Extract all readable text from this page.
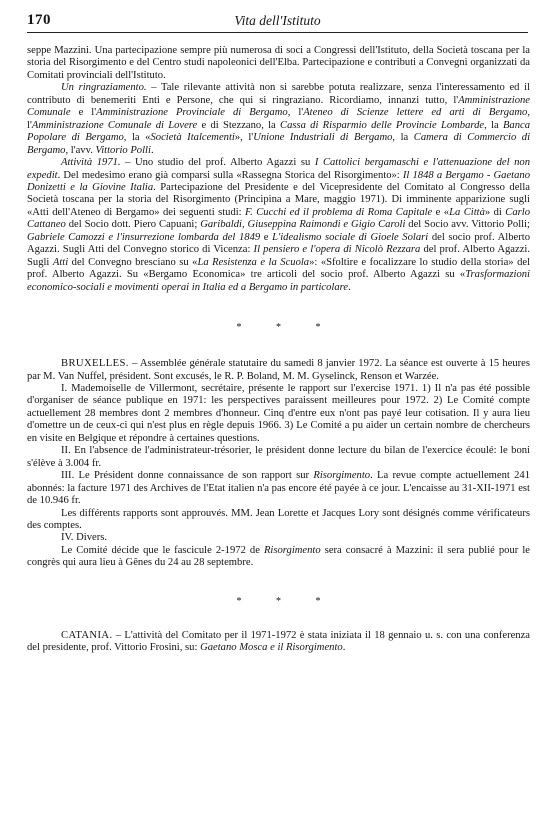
170	Vita dell'Istituto

seppe Mazzini. Una partecipazione sempre più numerosa di soci a Congressi dell'Istituto, della Società toscana per la storia del Risorgimento e del Centro studi napoleonici dell'Elba. Partecipazione e contributi a Convegni organizzati da Comitati provinciali dell'Istituto.

Un ringraziamento. – Tale rilevante attività non si sarebbe potuta realizzare, senza l'interessamento ed il contributo di benemeriti Enti e Persone, che qui si ringraziano. Ricordiamo, innanzi tutto, l'Amministrazione Comunale e l'Amministrazione Provinciale di Bergamo, l'Ateneo di Scienze lettere ed arti di Bergamo, l'Amministrazione Comunale di Lovere e di Stezzano, la Cassa di Risparmio delle Provincie Lombarde, la Banca Popolare di Bergamo, la «Società Italcementi», l'Unione Industriali di Bergamo, la Camera di Commercio di Bergamo, l'avv. Vittorio Polli.

Attività 1971. – Uno studio del prof. Alberto Agazzi su I Cattolici bergamaschi e l'attenuazione del non expedit. Del medesimo erano già comparsi sulla «Rassegna Storica del Risorgimento»: Il 1848 a Bergamo - Gaetano Donizetti e la Giovine Italia. Partecipazione del Presidente e del Vicepresidente del Comitato al Congresso della Società toscana per la storia del Risorgimento (Principina a Mare, maggio 1971). Di imminente apparizione sugli «Atti dell'Ateneo di Bergamo» dei seguenti studi: F. Cucchi ed il problema di Roma Capitale e «La Città» di Carlo Cattaneo del Socio dott. Piero Capuani; Garibaldi, Giuseppina Raimondi e Gigio Caroli del Socio avv. Vittorio Polli; Gabriele Camozzi e l'insurrezione lombarda del 1849 e L'idealismo sociale di Gioele Solari del socio prof. Alberto Agazzi. Sugli Atti del Convegno storico di Vicenza: Il pensiero e l'opera di Nicolò Rezzara del prof. Alberto Agazzi. Sugli Atti del Convegno bresciano su «La Resistenza e la Scuola»: «Sfoltire e focalizzare lo studio della storia» del prof. Alberto Agazzi. Su «Bergamo Economica» tre articoli del socio prof. Alberto Agazzi su «Trasformazioni economico-sociali e movimenti operai in Italia ed a Bergamo in particolare.

* * *

BRUXELLES. – Assemblée générale statutaire du samedi 8 janvier 1972. La séance est ouverte à 15 heures par M. Van Nuffel, président. Sont excusés, le R. P. Boland, M. M. Gyselinck, Renson et Warzée.

I. Mademoiselle de Villermont, secrétaire, présente le rapport sur l'exercise 1971. 1) Il n'a pas été possible d'organiser de séance publique en 1971: les perspectives paraissent meilleures pour 1972. 2) Le Comité compte actuellement 28 membres dont 2 membres d'honneur. Cinq d'entre eux n'ont pas payé leur cotisation. Il y aura lieu d'omettre un de ceux-ci qui n'est plus en règle depuis 1966. 3) Le Comité a pu aider un certain nombre de chercheurs en visite en Belgique et répondre à certaines questions.

II. En l'absence de l'administrateur-trésorier, le président donne lecture du bilan de l'exercice écoulé: le boni s'élève à 3.004 fr.

III. Le Président donne connaissance de son rapport sur Risorgimento. La revue compte actuellement 241 abonnés: la facture 1971 des Archives de l'Etat italien n'a pas encore été payée à ce jour. L'encaisse au 31-XII-1971 est de 10.946 fr.

Les différents rapports sont approuvés. MM. Jean Lorette et Jacques Lory sont désignés comme vérificateurs des comptes.

IV. Divers.

Le Comité décide que le fascicule 2-1972 de Risorgimento sera consacré à Mazzini: il sera publié pour le congrès qui aura lieu à Gênes du 24 au 28 septembre.

* * *

CATANIA. – L'attività del Comitato per il 1971-1972 è stata iniziata il 18 gennaio u. s. con una conferenza del presidente, prof. Vittorio Frosini, su: Gaetano Mosca e il Risorgimento.
